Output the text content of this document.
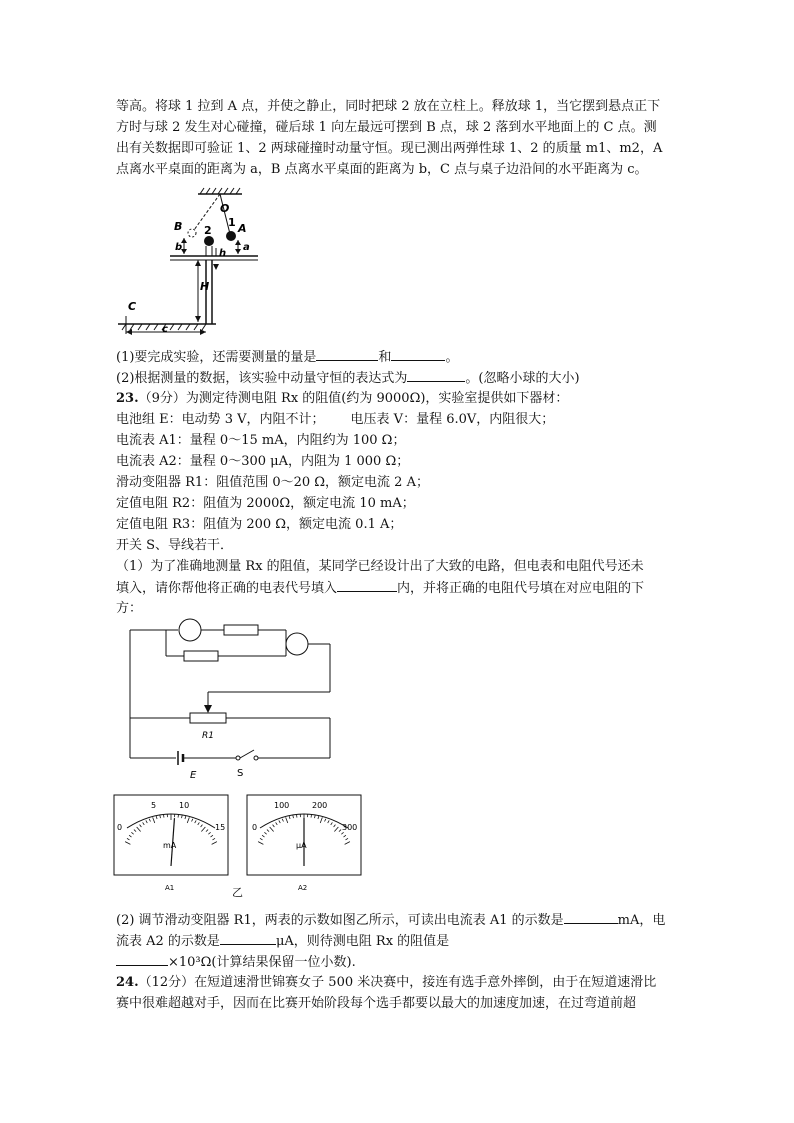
等高。将球 1 拉到 A 点，并使之静止，同时把球 2 放在立柱上。释放球 1，当它摆到悬点正下
方时与球 2 发生对心碰撞，碰后球 1 向左最远可摆到 B 点，球 2 落到水平地面上的 C 点。测
出有关数据即可验证 1、2 两球碰撞时动量守恒。现已测出两弹性球 1、2 的质量 m1、m2，A
点离水平桌面的距离为 a，B 点离水平桌面的距离为 b，C 点与桌子边沿间的水平距离为 c。
O
B	A
1
2
b	a
h
H
C
c
(1)要完成实验，还需要测量的量是	和	。
(2)根据测量的数据，该实验中动量守恒的表达式为	。(忽略小球的大小)
23.（9分）为测定待测电阻 Rx 的阻值(约为 9000Ω)，实验室提供如下器材：
电池组 E：电动势 3 V，内阻不计； 电压表 V：量程 6.0V，内阻很大；
电流表 A1：量程 0～15 mA，内阻约为 100 Ω；
电流表 A2：量程 0～300 μA，内阻为 1 000 Ω；
滑动变阻器 R1：阻值范围 0～20 Ω，额定电流 2 A；
定值电阻 R2：阻值为 2000Ω，额定电流 10 mA；
定值电阻 R3：阻值为 200 Ω，额定电流 0.1 A；
开关 S、导线若干．
（1）为了准确地测量 Rx 的阻值，某同学已经设计出了大致的电路，但电表和电阻代号还未
填入，请你帮他将正确的电表代号填入	内，并将正确的电阻代号填在对应电阻的下
方：
R1
E	S
0
5	10
15
mA
A1
0
100	200
300
μA
A2
乙
(2) 调节滑动变阻器 R1，两表的示数如图乙所示，可读出电流表 A1 的示数是	mA，电
流表 A2 的示数是	μA，则待测电阻 Rx 的阻值是
×10³Ω(计算结果保留一位小数).
24.（12分）在短道速滑世锦赛女子 500 米决赛中，接连有选手意外摔倒，由于在短道速滑比
赛中很难超越对手，因而在比赛开始阶段每个选手都要以最大的加速度加速，在过弯道前超
